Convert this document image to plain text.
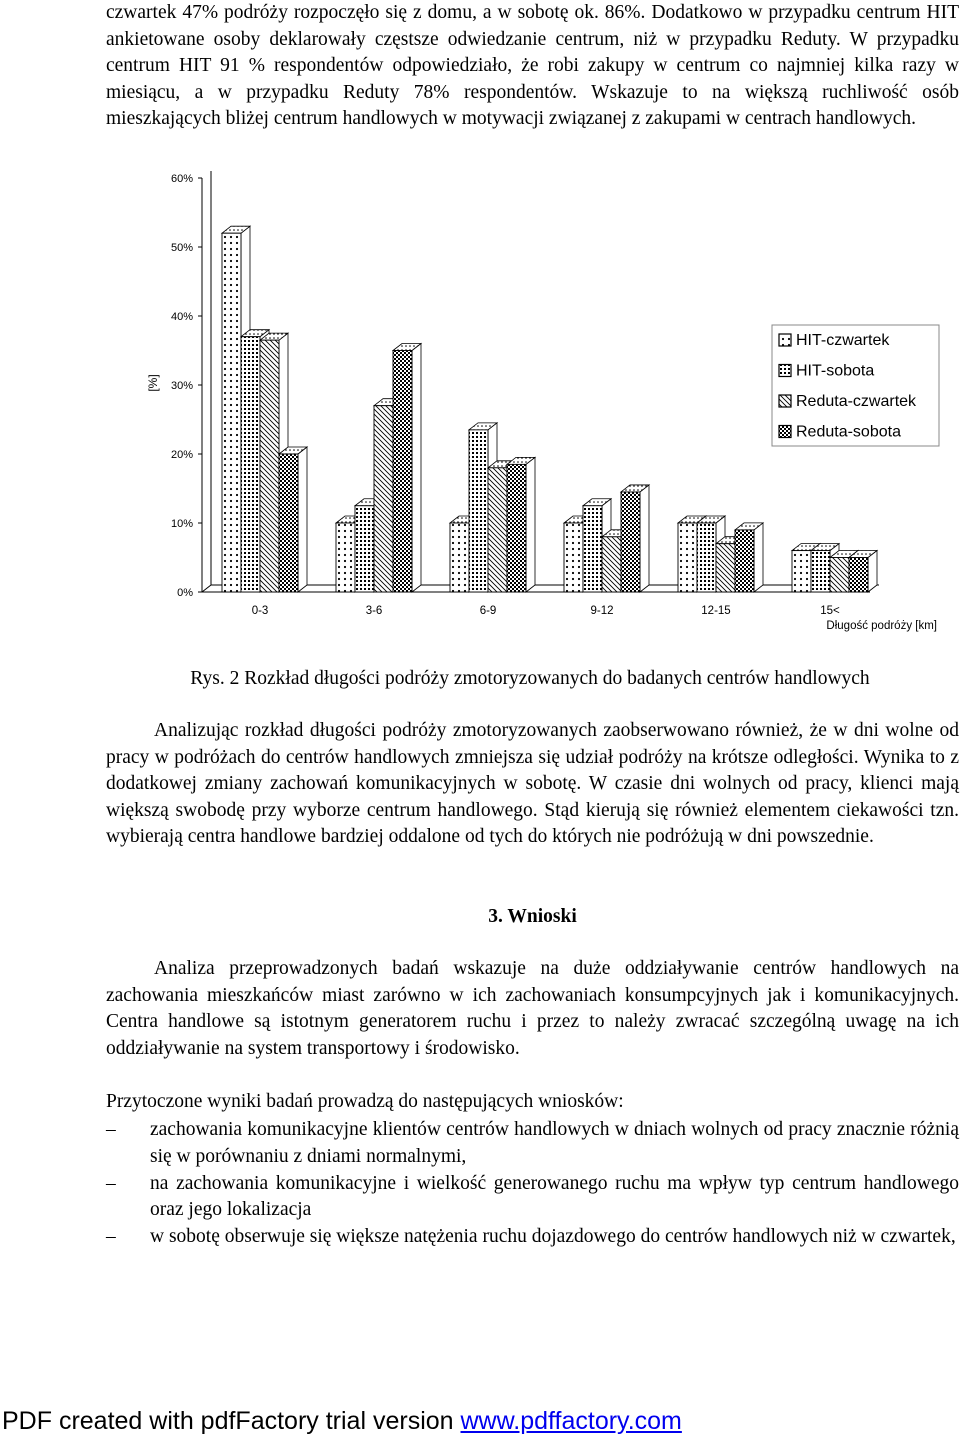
czwartek 47% podróży rozpoczęło się z domu, a w sobotę ok. 86%. Dodatkowo w przypadku centrum HIT ankietowane osoby deklarowały częstsze odwiedzanie centrum, niż w przypadku Reduty. W przypadku centrum HIT 91 % respondentów odpowiedziało, że robi zakupy w centrum co najmniej kilka razy w miesiącu, a w przypadku Reduty 78% respondentów. Wskazuje to na większą ruchliwość osób mieszkających bliżej centrum handlowych w motywacji związanej z zakupami w centrach handlowych.

0%
10%
20%
30%
40%
50%
60%
[%]
0-3	3-6	6-9	9-12	12-15	15<
Długość podróży [km]
HIT-czwartek
HIT-sobota
Reduta-czwartek
Reduta-sobota
Rys. 2 Rozkład długości podróży zmotoryzowanych do badanych centrów handlowych

Analizując rozkład długości podróży zmotoryzowanych zaobserwowano również, że w dni wolne od pracy w podróżach do centrów handlowych zmniejsza się udział podróży na krótsze odległości. Wynika to z dodatkowej zmiany zachowań komunikacyjnych w sobotę. W czasie dni wolnych od pracy, klienci mają większą swobodę przy wyborze centrum handlowego. Stąd kierują się również elementem ciekawości tzn. wybierają centra handlowe bardziej oddalone od tych do których nie podróżują w dni powszednie.

3. Wnioski

Analiza przeprowadzonych badań wskazuje na duże oddziaływanie centrów handlowych na zachowania mieszkańców miast zarówno w ich zachowaniach konsumpcyjnych jak i komunikacyjnych. Centra handlowe są istotnym generatorem ruchu i przez to należy zwracać szczególną uwagę na ich oddziaływanie na system transportowy i środowisko.

Przytoczone wyniki badań prowadzą do następujących wniosków:

– zachowania komunikacyjne klientów centrów handlowych w dniach wolnych od pracy znacznie różnią się w porównaniu z dniami normalnymi,
– na zachowania komunikacyjne i wielkość generowanego ruchu ma wpływ typ centrum handlowego oraz jego lokalizacja
– w sobotę obserwuje się większe natężenia ruchu dojazdowego do centrów handlowych niż w czwartek,
PDF created with pdfFactory trial version www.pdffactory.com
